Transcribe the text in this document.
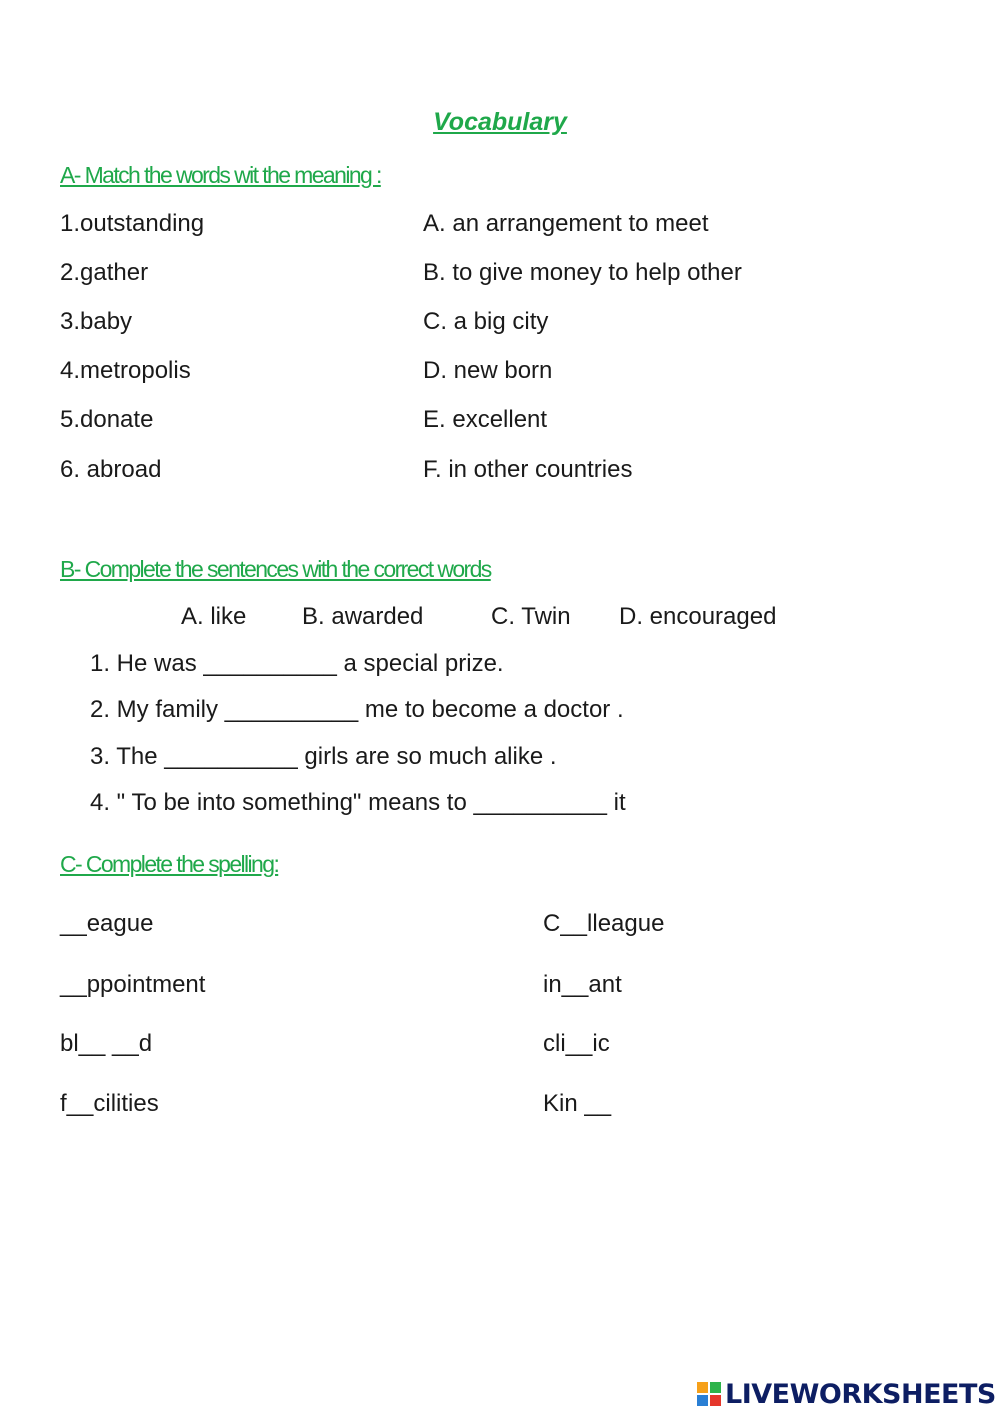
Vocabulary
A- Match the words wit the meaning :
1.outstanding
2.gather
3.baby
4.metropolis
5.donate
6. abroad
A. an arrangement to meet
B. to give money to help other
C. a big city
D. new born
E. excellent
F. in other countries
B- Complete the sentences with the correct words
A. like B. awarded	C. Twin D. encouraged
1. He was __________ a special prize.
2. My family __________ me to become a doctor .
3. The __________ girls are so much alike .
4. " To be into something" means to __________ it
C- Complete the spelling:
__eague
__ppointment
bl__ __d
f__cilities
C__lleague
in__ant
cli__ic
Kin __
LIVEWORKSHEETS
